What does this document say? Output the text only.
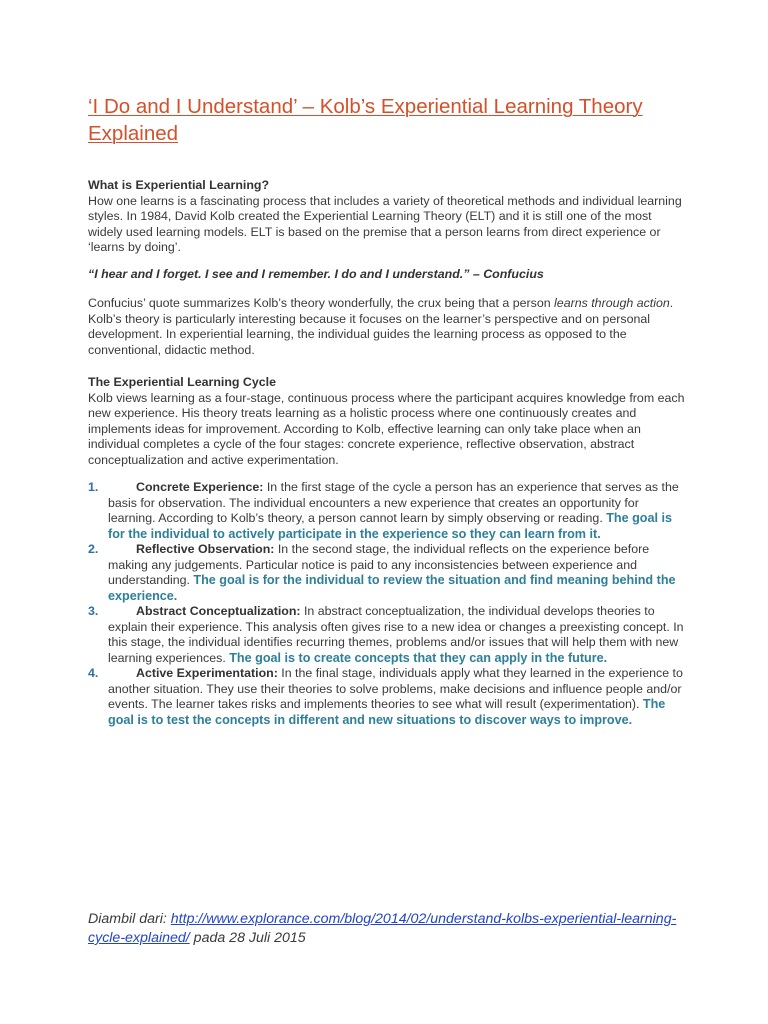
‘I Do and I Understand’ – Kolb’s Experiential Learning Theory Explained
What is Experiential Learning?

How one learns is a fascinating process that includes a variety of theoretical methods and individual learning styles. In 1984, David Kolb created the Experiential Learning Theory (ELT) and it is still one of the most widely used learning models. ELT is based on the premise that a person learns from direct experience or ‘learns by doing’.

“I hear and I forget. I see and I remember. I do and I understand.” – Confucius

Confucius’ quote summarizes Kolb’s theory wonderfully, the crux being that a person learns through action. Kolb’s theory is particularly interesting because it focuses on the learner’s perspective and on personal development. In experiential learning, the individual guides the learning process as opposed to the conventional, didactic method.

The Experiential Learning Cycle

Kolb views learning as a four-stage, continuous process where the participant acquires knowledge from each new experience. His theory treats learning as a holistic process where one continuously creates and implements ideas for improvement. According to Kolb, effective learning can only take place when an individual completes a cycle of the four stages: concrete experience, reflective observation, abstract conceptualization and active experimentation.

1.	Concrete Experience: In the first stage of the cycle a person has an experience that serves as the basis for observation. The individual encounters a new experience that creates an opportunity for learning. According to Kolb’s theory, a person cannot learn by simply observing or reading. The goal is for the individual to actively participate in the experience so they can learn from it.
2.	Reflective Observation: In the second stage, the individual reflects on the experience before making any judgements. Particular notice is paid to any inconsistencies between experience and understanding. The goal is for the individual to review the situation and find meaning behind the experience.
3.	Abstract Conceptualization: In abstract conceptualization, the individual develops theories to explain their experience. This analysis often gives rise to a new idea or changes a preexisting concept. In this stage, the individual identifies recurring themes, problems and/or issues that will help them with new learning experiences. The goal is to create concepts that they can apply in the future.
4.	Active Experimentation: In the final stage, individuals apply what they learned in the experience to another situation. They use their theories to solve problems, make decisions and influence people and/or events. The learner takes risks and implements theories to see what will result (experimentation). The goal is to test the concepts in different and new situations to discover ways to improve.
Diambil dari: http://www.explorance.com/blog/2014/02/understand-kolbs-experiential-learning-cycle-explained/ pada 28 Juli 2015
